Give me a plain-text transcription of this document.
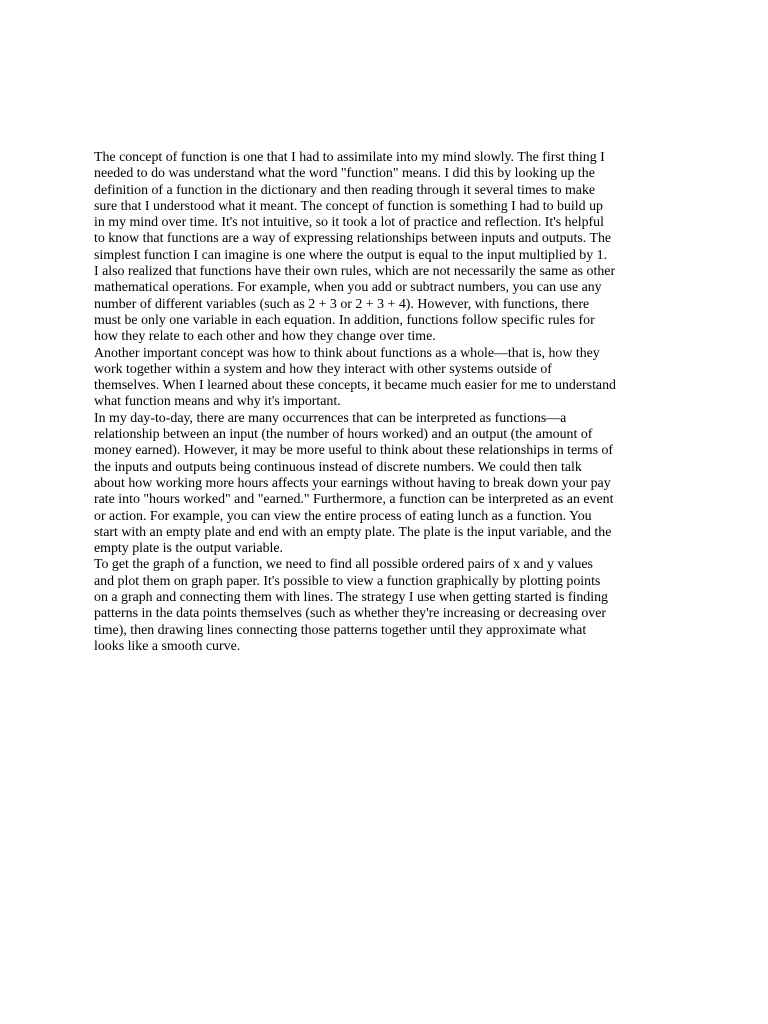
The concept of function is one that I had to assimilate into my mind slowly. The first thing I
needed to do was understand what the word "function" means. I did this by looking up the
definition of a function in the dictionary and then reading through it several times to make
sure that I understood what it meant. The concept of function is something I had to build up
in my mind over time. It's not intuitive, so it took a lot of practice and reflection. It's helpful
to know that functions are a way of expressing relationships between inputs and outputs. The
simplest function I can imagine is one where the output is equal to the input multiplied by 1.
I also realized that functions have their own rules, which are not necessarily the same as other
mathematical operations. For example, when you add or subtract numbers, you can use any
number of different variables (such as 2 + 3 or 2 + 3 + 4). However, with functions, there
must be only one variable in each equation. In addition, functions follow specific rules for
how they relate to each other and how they change over time.
Another important concept was how to think about functions as a whole—that is, how they
work together within a system and how they interact with other systems outside of
themselves. When I learned about these concepts, it became much easier for me to understand
what function means and why it's important.
In my day-to-day, there are many occurrences that can be interpreted as functions—a
relationship between an input (the number of hours worked) and an output (the amount of
money earned). However, it may be more useful to think about these relationships in terms of
the inputs and outputs being continuous instead of discrete numbers. We could then talk
about how working more hours affects your earnings without having to break down your pay
rate into "hours worked" and "earned." Furthermore, a function can be interpreted as an event
or action. For example, you can view the entire process of eating lunch as a function. You
start with an empty plate and end with an empty plate. The plate is the input variable, and the
empty plate is the output variable.
To get the graph of a function, we need to find all possible ordered pairs of x and y values
and plot them on graph paper. It's possible to view a function graphically by plotting points
on a graph and connecting them with lines. The strategy I use when getting started is finding
patterns in the data points themselves (such as whether they're increasing or decreasing over
time), then drawing lines connecting those patterns together until they approximate what
looks like a smooth curve.
